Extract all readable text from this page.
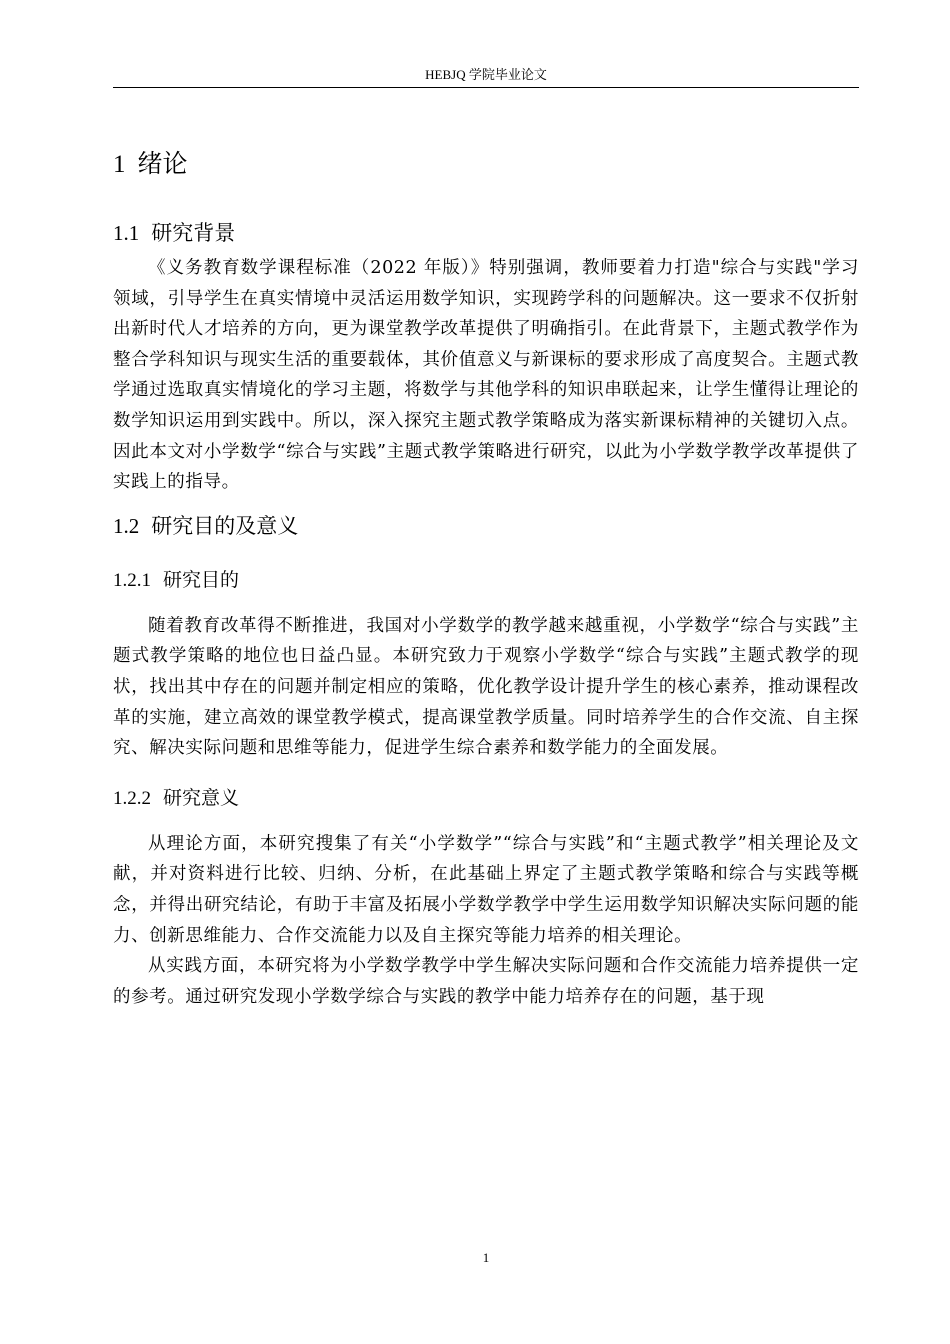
HEBJQ 学院毕业论文
1 绪论
1.1 研究背景

《义务教育数学课程标准（2022 年版）》特别强调，教师要着力打造"综合与实践"学习领域，引导学生在真实情境中灵活运用数学知识，实现跨学科的问题解决。这一要求不仅折射出新时代人才培养的方向，更为课堂教学改革提供了明确指引。在此背景下，主题式教学作为整合学科知识与现实生活的重要载体，其价值意义与新课标的要求形成了高度契合。主题式教学通过选取真实情境化的学习主题，将数学与其他学科的知识串联起来，让学生懂得让理论的数学知识运用到实践中。所以，深入探究主题式教学策略成为落实新课标精神的关键切入点。因此本文对小学数学“综合与实践”主题式教学策略进行研究，以此为小学数学教学改革提供了实践上的指导。

1.2 研究目的及意义
1.2.1 研究目的

随着教育改革得不断推进，我国对小学数学的教学越来越重视，小学数学“综合与实践”主题式教学策略的地位也日益凸显。本研究致力于观察小学数学“综合与实践”主题式教学的现状，找出其中存在的问题并制定相应的策略，优化教学设计提升学生的核心素养，推动课程改革的实施，建立高效的课堂教学模式，提高课堂教学质量。同时培养学生的合作交流、自主探究、解决实际问题和思维等能力，促进学生综合素养和数学能力的全面发展。

1.2.2 研究意义

从理论方面，本研究搜集了有关“小学数学”“综合与实践”和“主题式教学”相关理论及文献，并对资料进行比较、归纳、分析，在此基础上界定了主题式教学策略和综合与实践等概念，并得出研究结论，有助于丰富及拓展小学数学教学中学生运用数学知识解决实际问题的能力、创新思维能力、合作交流能力以及自主探究等能力培养的相关理论。

从实践方面，本研究将为小学数学教学中学生解决实际问题和合作交流能力培养提供一定的参考。通过研究发现小学数学综合与实践的教学中能力培养存在的问题，基于现

1
